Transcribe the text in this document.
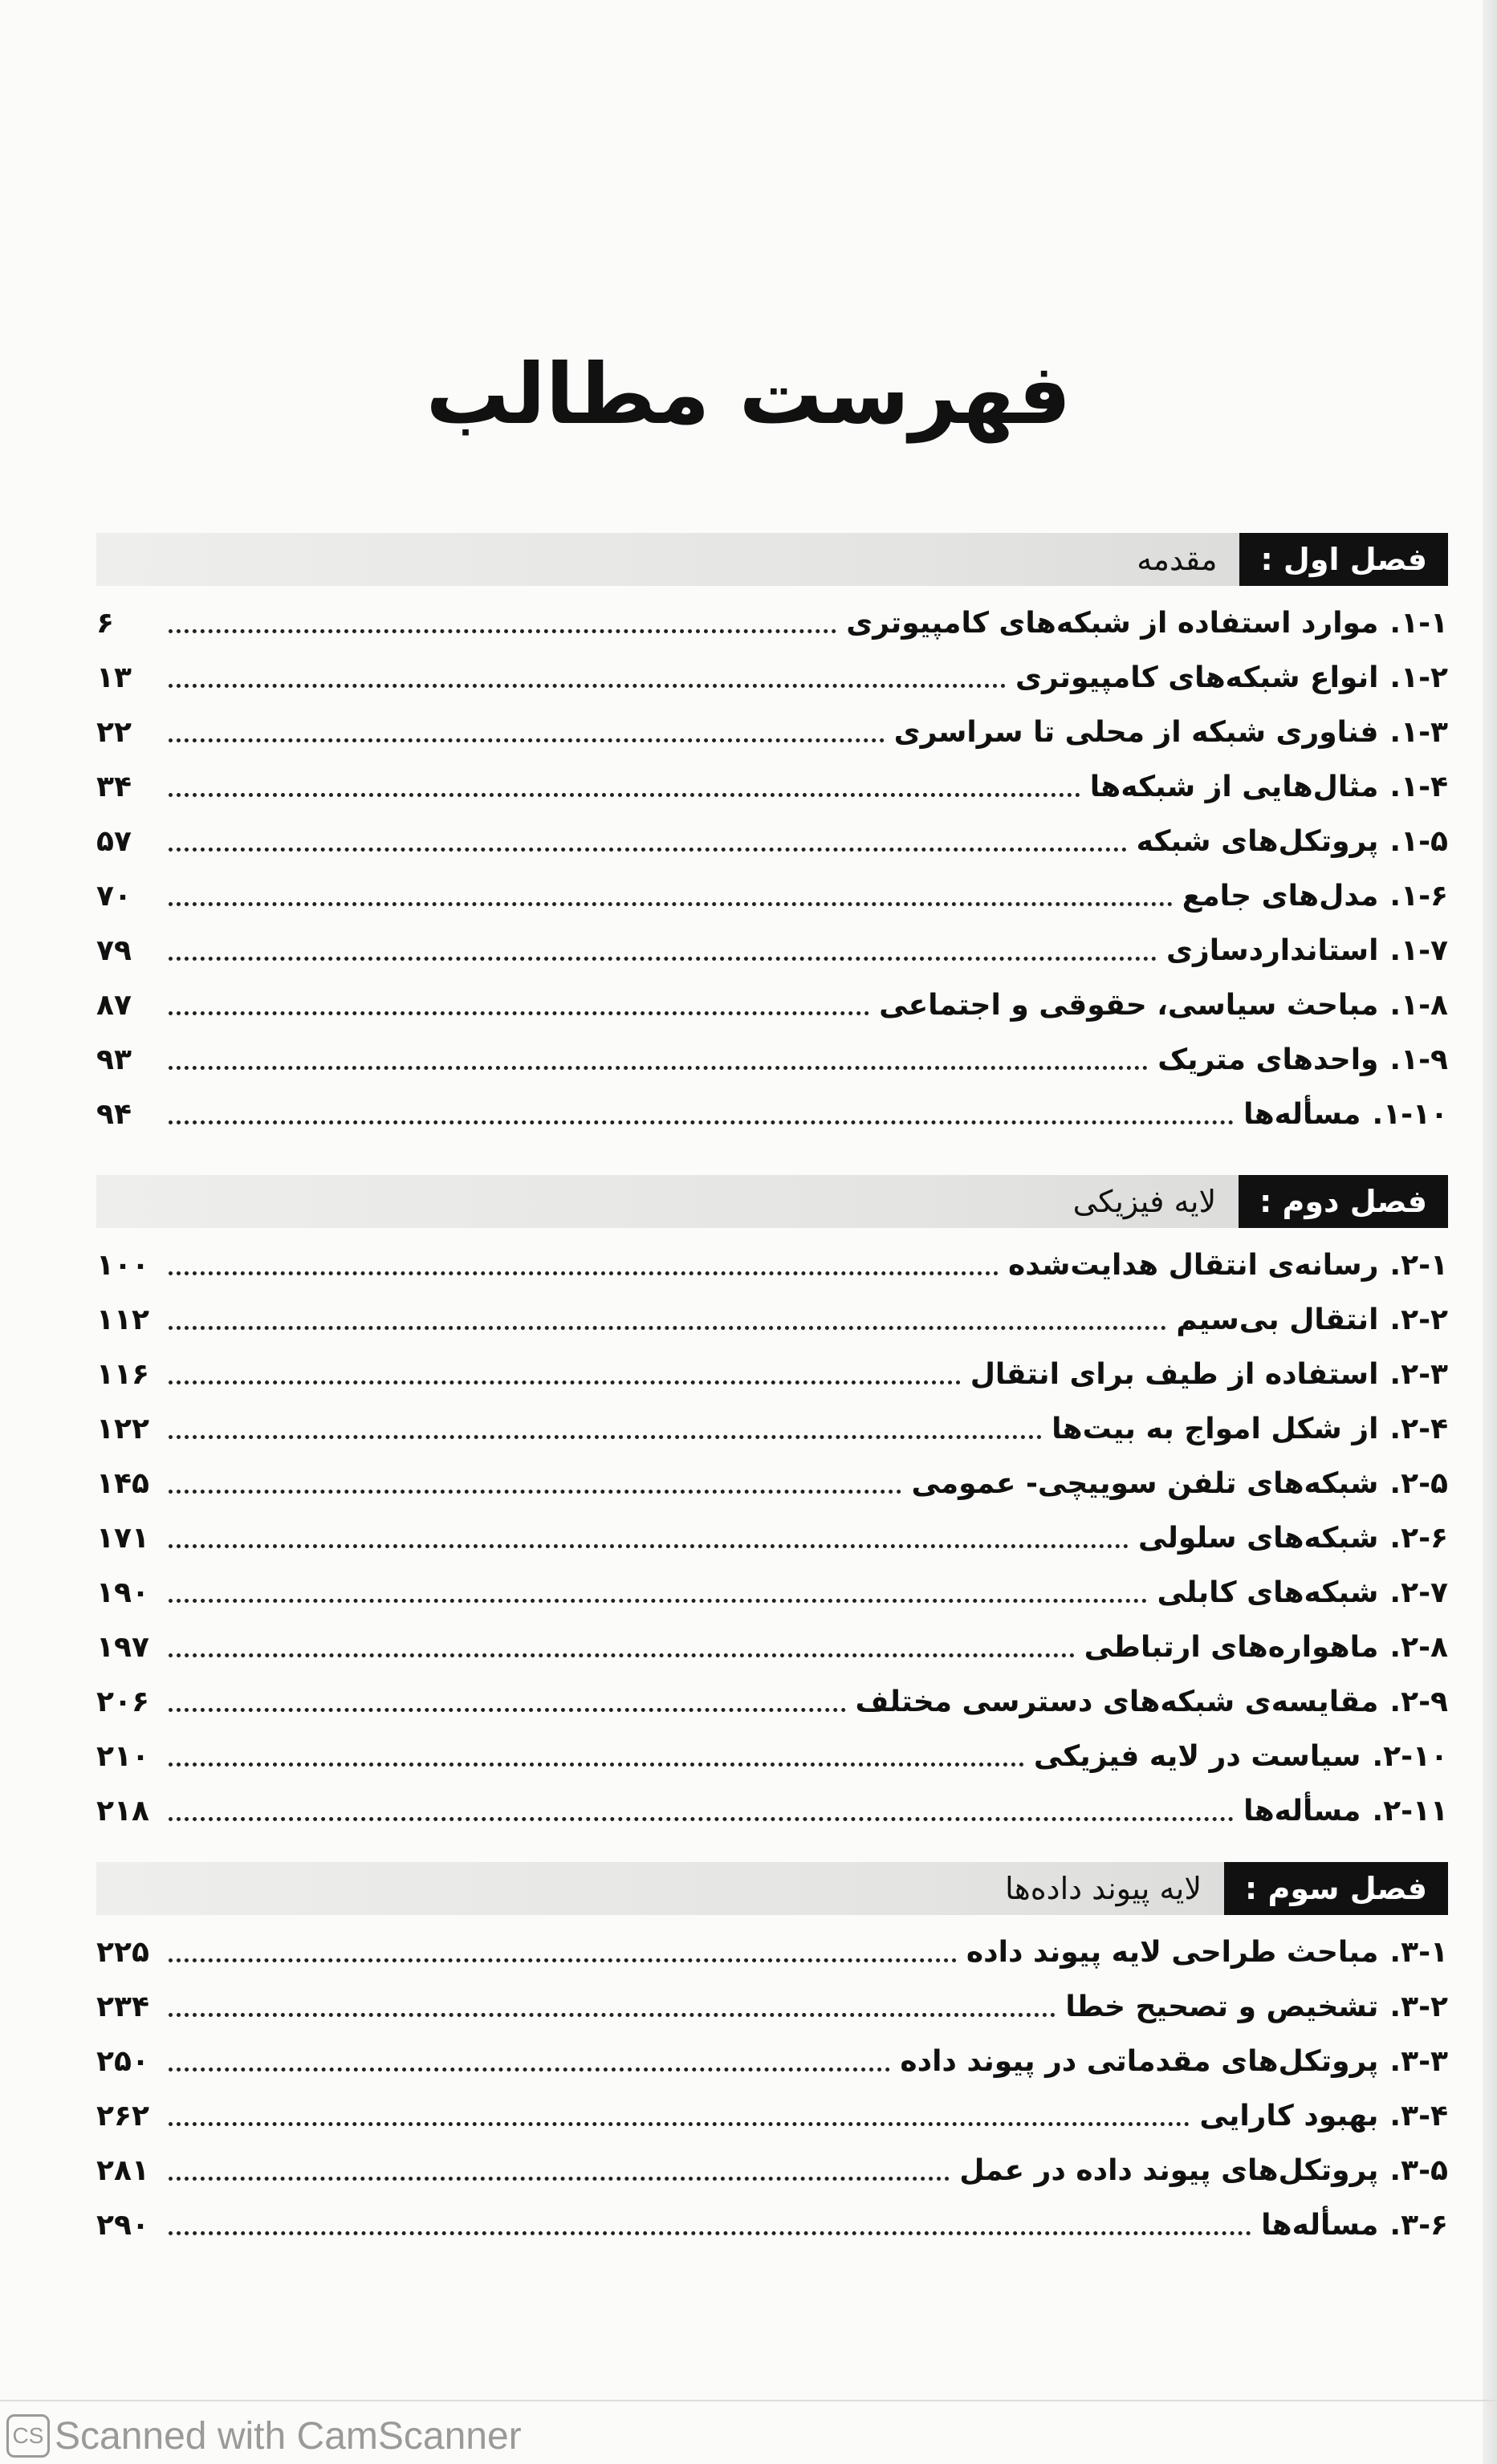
فهرست مطالب
فصل اول :
مقدمه
۱-۱.
موارد استفاده از شبکه‌های کامپیوتری
۶
۱-۲.
انواع شبکه‌های کامپیوتری
۱۳
۱-۳.
فناوری شبکه از محلی تا سراسری
۲۲
۱-۴.
مثال‌هایی از شبکه‌ها
۳۴
۱-۵.
پروتکل‌های شبکه
۵۷
۱-۶.
مدل‌های جامع
۷۰
۱-۷.
استانداردسازی
۷۹
۱-۸.
مباحث سیاسی، حقوقی و اجتماعی
۸۷
۱-۹.
واحدهای متریک
۹۳
۱-۱۰.
مسأله‌ها
۹۴
فصل دوم :
لایه فیزیکی
۲-۱.
رسانه‌ی انتقال هدایت‌شده
۱۰۰
۲-۲.
انتقال بی‌سیم
۱۱۲
۲-۳.
استفاده از طیف برای انتقال
۱۱۶
۲-۴.
از شکل امواج به بیت‌ها
۱۲۲
۲-۵.
شبکه‌های تلفن سوییچی- عمومی
۱۴۵
۲-۶.
شبکه‌های سلولی
۱۷۱
۲-۷.
شبکه‌های کابلی
۱۹۰
۲-۸.
ماهواره‌های ارتباطی
۱۹۷
۲-۹.
مقایسه‌ی شبکه‌های دسترسی مختلف
۲۰۶
۲-۱۰.
سیاست در لایه فیزیکی
۲۱۰
۲-۱۱.
مسأله‌ها
۲۱۸
فصل سوم :
لایه پیوند داده‌ها
۳-۱.
مباحث طراحی لایه پیوند داده
۲۲۵
۳-۲.
تشخیص و تصحیح خطا
۲۳۴
۳-۳.
پروتکل‌های مقدماتی در پیوند داده
۲۵۰
۳-۴.
بهبود کارایی
۲۶۲
۳-۵.
پروتکل‌های پیوند داده در عمل
۲۸۱
۳-۶.
مسأله‌ها
۲۹۰
CS Scanned with CamScanner
